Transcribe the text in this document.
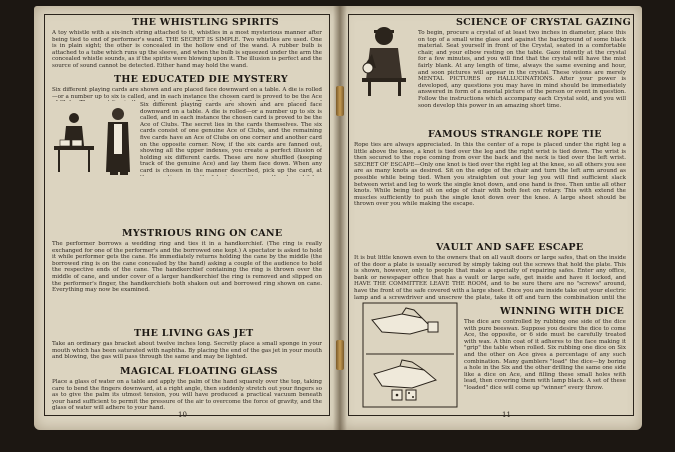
THE WHISTLING SPIRITS
A toy whistle with a six-inch string attached to it, whistles in a most mysterious manner after being tied to end of performer's wand. THE SECRET IS SIMPLE. Two whistles are used. One is in plain sight; the other is concealed in the hollow end of the wand. A rubber bulb is attached to a tube which runs up the sleeve, and when the bulb is squeezed under the arm the concealed whistle sounds, as if the spirits were blowing upon it. The illusion is perfect and the source of sound cannot be detected. Either hand may hold the wand.
THE EDUCATED DIE MYSTERY
Six different playing cards are shown and are placed face downward on a table. A die is rolled—or a number up to six is called, and in each instance the chosen card is proved to be the Ace
Six different playing cards are shown and are placed face downward on a table. A die is rolled—or a number up to six is called, and in each instance the chosen card is proved to be the Ace of Clubs. The secret lies in the cards themselves. The six cards consist of one genuine Ace of Clubs, and the remaining five cards have an Ace of Clubs on one corner and another card on the opposite corner. Now, if the six cards are fanned out, showing all the upper indexes, you create a perfect illusion of holding six different cards. These are now shuffled (keeping track of the genuine Ace) and lay them face down. When any card is chosen in the manner described, pick up the card, at
MYSTRIOUS RING ON CANE
The performer borrows a wedding ring and ties it in a handkerchief. (The ring is really exchanged for one of the performer's and the borrowed one kept.) A spectator is asked to hold it while performer gets the cane. He immediately returns holding the cane by the middle (the borrowed ring is on the cane concealed by the hand) asking a couple of the audience to hold the respective ends of the cane. The handkerchief containing the ring is thrown over the middle of cane, and under cover of a larger handkerchief the ring is removed and slipped on the performer's finger, the handkerchiefs both shaken out and borrowed ring shown on cane. Everything may now be examined.
THE LIVING GAS JET
Take an ordinary gas bracket about twelve inches long. Secretly place a small sponge in your mouth which has been saturated with naphtha. By placing the end of the gas jet in your mouth and blowing, the gas will pass through the same and may be lighted.
MAGICAL FLOATING GLASS
Place a glass of water on a table and apply the palm of the hand squarely over the top, taking care to bend the fingers downward, at a right angle, then suddenly stretch out your fingers so as to give the palm its utmost tension, you will have produced a practical vacuum beneath your hand sufficient to permit the pressure of the air to overcome the force of gravity, and the glass of water will adhere to your hand.
10
SCIENCE OF CRYSTAL GAZING
To begin, procure a crystal of at least two inches in diameter, place this on top of a small wine glass and against the background of some black material. Seat yourself in front of the Crystal, seated in a comfortable chair, and your elbow resting on the table. Gaze intently at the crystal for a few minutes, and you will find that the crystal will have the mist fairly blank. At any length of time, always the same evening and hour, and soon pictures will appear in the crystal. These visions are merely MENTAL PICTURES or HALLUCINATIONS. After your power is developed, any questions you may have in mind should be immediately answered in form of a mental picture of the person or event in question. Follow the instructions which accompany each Crystal sold, and you will soon develop this power in an amazing short time.
FAMOUS STRANGLE ROPE TIE
Rope ties are always appreciated. In this the center of a rope is placed under the right leg a little above the knee, a knot is tied over the leg and the right wrist is tied down. The wrist is then secured to the rope coming from over the back and the neck is tied over the left wrist. SECRET OF ESCAPE—Only one knot is tied over the right leg at the knee, so all others you see are as many knots as desired. Sit on the edge of the chair and turn the left arm around as possible while being tied. When you straighten out your leg you will find sufficient slack between wrist and leg to work the single knot down, and one hand is free. Then untie all other knots. While being tied sit on edge of chair with both feet on rotary. This with extend the muscles sufficiently to push the single knot down over the knee. A large sheet should be thrown over you while making the escape.
VAULT AND SAFE ESCAPE
It is but little known even to the owners that on all vault doors or large safes, that on the inside of the door a plate is usually secured by simply taking out the screws that hold the plate. This is shown, however, only to people that make a specialty of repairing safes. Enter any office, bank or newspaper office that has a vault or large safe, get inside and have it locked, and HAVE THE COMMITTEE LEAVE THE ROOM, and to be sure there are no "screws" around, have the front of the safe covered with a large sheet. Once you are inside take out your electric lamp and a screwdriver and unscrew the plate, take it off and turn the combination until the
WINNING WITH DICE
The dice are controlled by rubbing one side of the dice with pure beeswax. Suppose you desire the dice to come Ace, the opposite, or 6 side must be carefully treated with wax. A thin coat of it adheres to the face making it "grip" the table when rolled. Six rubbing one dice on Six and the other on Ace gives a percentage of any such combination. Many gamblers "load" the dice—by boring a hole in the Six and the other drilling the same one side like a dice on Ace, and filling these small holes with lead, then covering them with lamp black. A set of these "loaded" dice will come up "winner" every throw.
11
